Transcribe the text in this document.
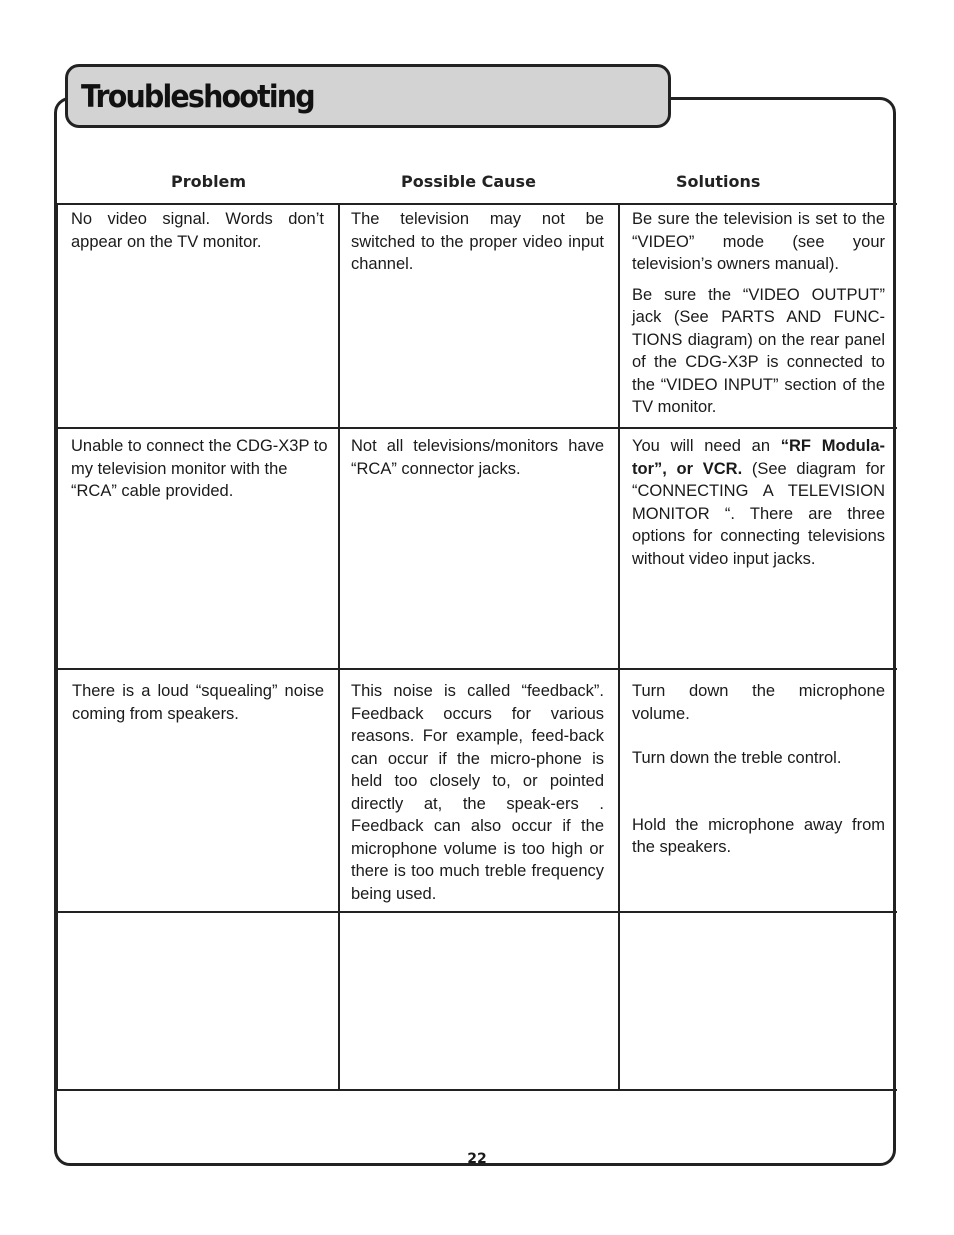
Troubleshooting
Problem	Possible Cause	Solutions
No video signal. Words don’t appear on the TV monitor.
The television may not be switched to the proper video input channel.

Be sure the television is set to the “VIDEO” mode (see your television’s owners manual).

Be sure the “VIDEO OUTPUT” jack (See PARTS AND FUNC-TIONS diagram) on the rear panel of the CDG-X3P is connected to the “VIDEO INPUT” section of the TV monitor.

Unable to connect the CDG-X3P to my television monitor with the “RCA” cable provided.
Not all televisions/monitors have “RCA” connector jacks.
You will need an “RF Modula-tor”, or VCR. (See diagram for “CONNECTING A TELEVISION MONITOR “. There are three options for connecting televisions without video input jacks.
There is a loud “squealing” noise coming from speakers.
This noise is called “feedback”. Feedback occurs for various reasons. For example, feed-back can occur if the micro-phone is held too closely to, or pointed directly at, the speak-ers . Feedback can also occur if the microphone volume is too high or there is too much treble frequency being used.

Turn down the microphone volume.

Turn down the treble control.

Hold the microphone away from the speakers.

22
